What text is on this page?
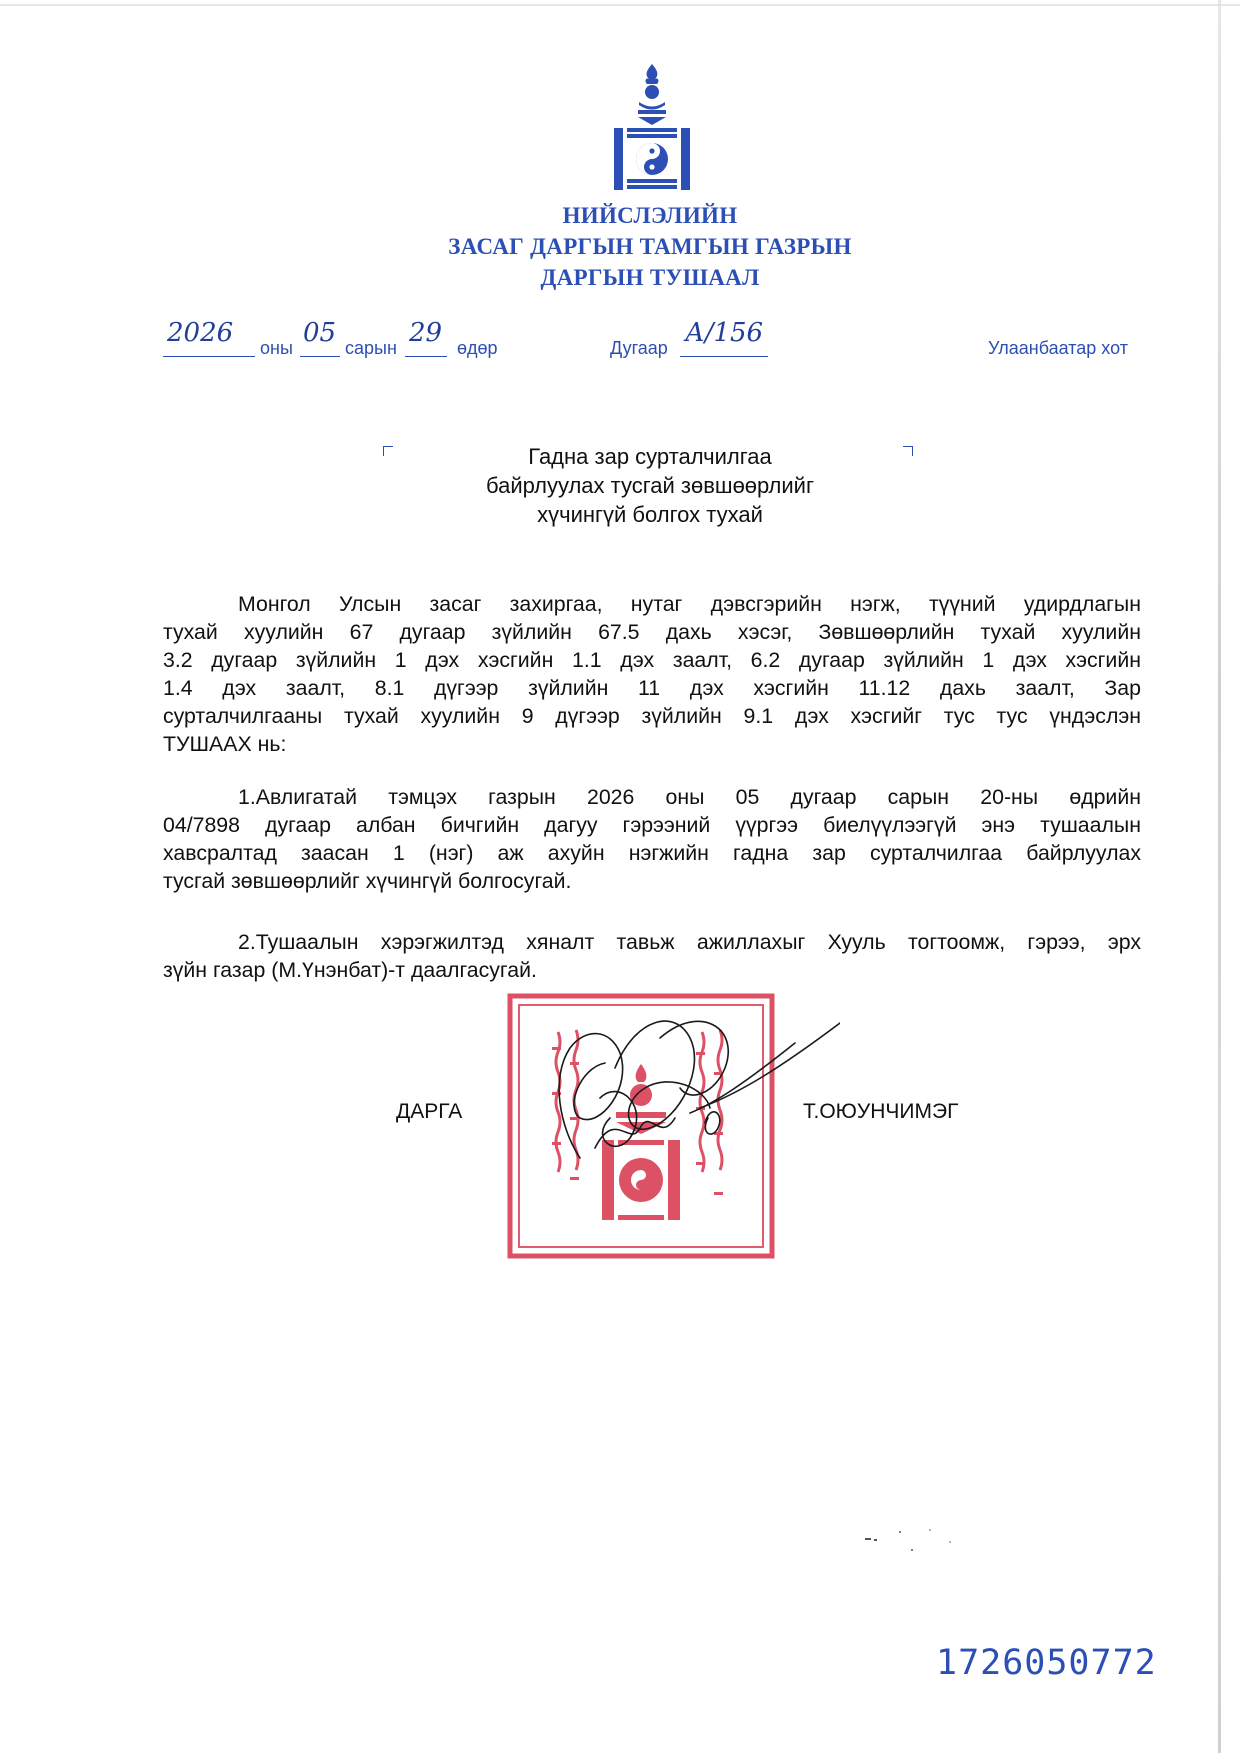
НИЙСЛЭЛИЙН
ЗАСАГ ДАРГЫН ТАМГЫН ГАЗРЫН
ДАРГЫН ТУШААЛ
2026 оны 05 сарын 29 өдөр	Дугаар А/156	Улаанбаатар хот
Гадна зар сурталчилгаа
байрлуулах тусгай зөвшөөрлийг
хүчингүй болгох тухай
Монгол Улсын засаг захиргаа, нутаг дэвсгэрийн нэгж, түүний удирдлагын
тухай хуулийн 67 дугаар зүйлийн 67.5 дахь хэсэг, Зөвшөөрлийн тухай хуулийн
3.2 дугаар зүйлийн 1 дэх хэсгийн 1.1 дэх заалт, 6.2 дугаар зүйлийн 1 дэх хэсгийн
1.4 дэх заалт, 8.1 дүгээр зүйлийн 11 дэх хэсгийн 11.12 дахь заалт, Зар
сурталчилгааны тухай хуулийн 9 дүгээр зүйлийн 9.1 дэх хэсгийг тус тус үндэслэн
ТУШААХ нь:
1.Авлигатай тэмцэх газрын 2026 оны 05 дугаар сарын 20-ны өдрийн
04/7898 дугаар албан бичгийн дагуу гэрээний үүргээ биелүүлээгүй энэ тушаалын
хавсралтад заасан 1 (нэг) аж ахуйн нэгжийн гадна зар сурталчилгаа байрлуулах
тусгай зөвшөөрлийг хүчингүй болгосугай.
2.Тушаалын хэрэгжилтэд хяналт тавьж ажиллахыг Хууль тогтоомж, гэрээ, эрх
зүйн газар (М.Үнэнбат)-т даалгасугай.
ДАРГА	Т.ОЮУНЧИМЭГ
1726050772
